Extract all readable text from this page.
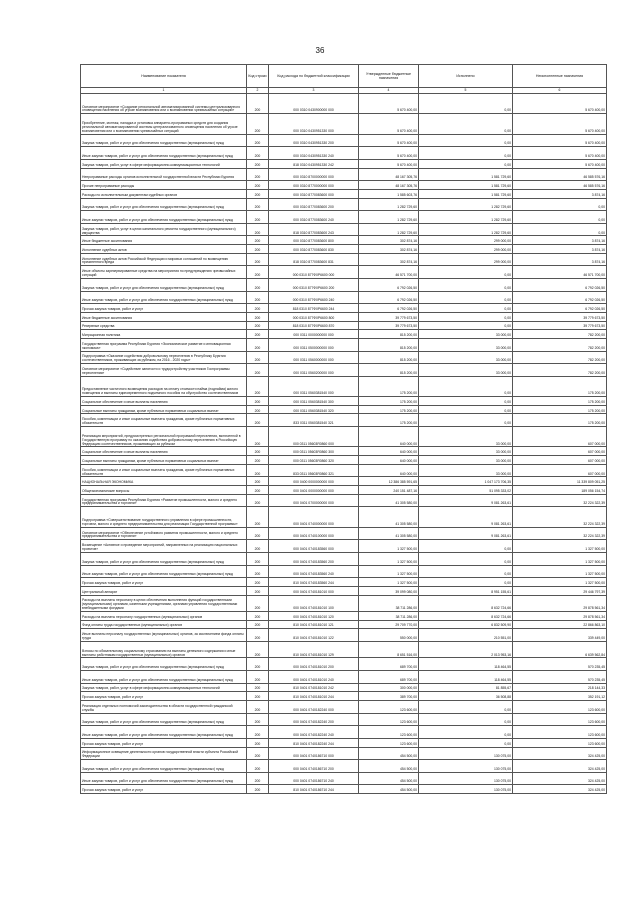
36
Наименование показателя	Код строки	Код расхода по бюджетной классификации	Утвержденные бюджетные назначения	Исполнено	Неисполненные назначения
1	2	3	4	5	6
Основное мероприятие «Создание региональной автоматизированной системы централизованного оповещения населения об угрозе возникновения или о возникновении чрезвычайных ситуаций»	200	000 0310 0430900000 000	5 670 400,00	0,00	5 670 400,00
Приобретение, монтаж, наладка и установка аппаратно-программных средств для создания региональной автоматизированной системы централизованного оповещения населения об угрозе возникновения или о возникновении чрезвычайных ситуаций	200	000 0310 0430951330 000	5 670 400,00	0,00	5 670 400,00
Закупка товаров, работ и услуг для обеспечения государственных (муниципальных) нужд	200	000 0310 0430951330 200	5 670 400,00	0,00	5 670 400,00
Иные закупки товаров, работ и услуг для обеспечения государственных (муниципальных) нужд	200	000 0310 0430951330 240	5 670 400,00	0,00	5 670 400,00
Закупка товаров, работ, услуг в сфере информационно-коммуникационных технологий	200	818 0310 0430951330 242	5 670 400,00	0,00	5 670 400,00
Непрограммные расходы органов исполнительной государственной власти Республики Бурятия	200	000 0310 8700000000 000	48 167 305,76	1 581 729,60	46 585 576,16
Прочие непрограммные расходы	200	000 0310 8770000000 000	48 167 305,76	1 581 729,60	46 585 576,16
Расходы по исполнительным документам судебных органов	200	000 0310 8770083600 000	1 585 603,76	1 581 729,60	3 874,16
Закупка товаров, работ и услуг для обеспечения государственных (муниципальных) нужд	200	000 0310 8770083600 200	1 282 729,60	1 282 729,60	0,00
Иные закупки товаров, работ и услуг для обеспечения государственных (муниципальных) нужд	200	000 0310 8770083600 240	1 282 729,60	1 282 729,60	0,00
Закупка товаров, работ, услуг в целях капитального ремонта государственного (муниципального) имущества	200	818 0310 8770083600 243	1 282 729,60	1 282 729,60	0,00
Иные бюджетные ассигнования	200	000 0310 8770083600 800	302 874,16	299 000,00	3 874,16
Исполнение судебных актов	200	000 0310 8770083600 830	302 874,16	299 000,00	3 874,16
Исполнение судебных актов Российской Федерации и мировых соглашений по возмещению причиненного вреда	200	818 0310 8770083600 831	302 874,16	299 000,00	3 874,16
Иные объекты зарезервированные средства на мероприятия по предупреждению чрезвычайных ситуаций	200	000 0310 877Ф0Р6600 000	46 571 700,00	0,00	46 571 700,00
Закупка товаров, работ и услуг для обеспечения государственных (муниципальных) нужд	200	000 0310 877Ф0Р6600 200	6 792 026,50	0,00	6 792 026,50
Иные закупки товаров, работ и услуг для обеспечения государственных (муниципальных) нужд	200	000 0310 877Ф0Р6600 240	6 792 026,50	0,00	6 792 026,50
Прочая закупка товаров, работ и услуг	200	818 0310 877Ф0Р6600 244	6 792 026,50	0,00	6 792 026,50
Иные бюджетные ассигнования	200	000 0310 877Ф0Р6600 800	39 779 673,50	0,00	39 779 673,50
Резервные средства	200	818 0310 877Ф0Р6600 870	39 779 673,50	0,00	39 779 673,50
Миграционная политика	200	000 0311 0000000000 000	815 200,00	33 000,00	782 200,00
Государственная программа Республики Бурятия «Экономическое развитие и инновационная экономика»	200	000 0311 0500000000 000	815 200,00	33 000,00	782 200,00
Подпрограмма «Оказание содействия добровольному переселению в Республику Бурятия соотечественников, проживающих за рубежом, на 2016 - 2020 годы»	200	000 0311 0560000000 000	815 200,00	33 000,00	782 200,00
Основное мероприятие «Содействие занятости и трудоустройству участников Госпрограммы переселения»	200	000 0311 0560200000 000	815 200,00	33 000,00	782 200,00
Предоставление частичного возмещения расходов на оплату стоимости найма (поднайма) жилого помещения и выплаты единовременного подъемного пособия на обустройство соотечественников	200	000 0311 0560381540 000	175 200,00	0,00	175 200,00
Социальное обеспечение и иные выплаты населению	200	000 0311 0560381540 300	175 200,00	0,00	175 200,00
Социальные выплаты гражданам, кроме публичных нормативных социальных выплат	200	000 0311 0560381540 320	175 200,00	0,00	175 200,00
Пособия, компенсации и иные социальные выплаты гражданам, кроме публичных нормативных обязательств	200	833 0311 0560381540 321	175 200,00	0,00	175 200,00
Реализация мероприятий, предусмотренных региональной программой переселения, включенной в Государственную программу по оказанию содействия добровольному переселению в Российскую Федерацию соотечественников, проживающих за рубежом	200	000 0311 05603R0860 000	640 000,00	33 000,00	607 000,00
Социальное обеспечение и иные выплаты населению	200	000 0311 05603R0860 300	640 000,00	33 000,00	607 000,00
Социальные выплаты гражданам, кроме публичных нормативных социальных выплат	200	000 0311 05603R0860 320	640 000,00	33 000,00	607 000,00
Пособия, компенсации и иные социальные выплаты гражданам, кроме публичных нормативных обязательств	200	833 0311 05603R0860 321	640 000,00	33 000,00	607 000,00
НАЦИОНАЛЬНАЯ ЭКОНОМИКА	200	000 0400 0000000000 000	12 386 385 591,65	1 047 173 706,35	11 339 809 051,25
Общеэкономические вопросы	200	000 0401 0000000000 000	240 151 487,16	51 095 333,02	189 056 154,74
Государственная программа Республики Бурятия «Развитие промышленности, малого и среднего предпринимательства и торговли»	200	000 0401 0700000000 000	41 305 580,00	9 081 263,61	32 224 322,39
Подпрограмма «Совершенствование государственного управления в сфере промышленности, торговли, малого и среднего предпринимательства для реализации Государственной программы»	200	000 0401 0740000000 000	41 305 580,00	9 081 263,61	32 224 322,39
Основное мероприятие «Обеспечение устойчивого развития промышленности, малого и среднего предпринимательства и торговли»	200	000 0401 0740100000 000	41 305 580,00	9 081 263,61	32 224 322,39
Возмещение «Активное и проведение мероприятий, направленных на реализацию национальных проектов»	200	000 0401 0740183560 000	1 327 500,00	0,00	1 327 500,00
Закупка товаров, работ и услуг для обеспечения государственных (муниципальных) нужд	200	000 0401 0740183560 200	1 327 500,00	0,00	1 327 500,00
Иные закупки товаров, работ и услуг для обеспечения государственных (муниципальных) нужд	200	000 0401 0740183560 240	1 327 500,00	0,00	1 327 500,00
Прочая закупка товаров, работ и услуг	200	810 0401 0740183560 244	1 327 500,00	0,00	1 327 500,00
Центральный аппарат	200	000 0401 0740181010 000	39 099 080,00	8 951 155,61	29 446 797,39
Расходы на выплаты персоналу в целях обеспечения выполнения функций государственными (муниципальными) органами, казенными учреждениями, органами управления государственными внебюджетными фондами	200	000 0401 0740181010 100	38 711 286,00	8 632 724,66	29 878 561,34
Расходы на выплаты персоналу государственных (муниципальных) органов	200	000 0401 0740181010 120	38 711 286,00	8 632 724,66	29 878 561,34
Фонд оплаты труда государственных (муниципальных) органов	200	810 0401 0740181010 121	29 709 770,00	6 832 509,90	22 866 863,10
Иные выплаты персоналу государственных (муниципальных) органов, за исключением фонда оплаты труда	200	810 0401 0740181010 122	550 000,00	210 551,00	339 449,00
Взносы по обязательному социальному страхованию на выплаты денежного содержания и иные выплаты работникам государственных (муниципальных) органов	200	810 0401 0740181010 129	8 651 516,00	2 013 953,16	6 639 562,84
Закупка товаров, работ и услуг для обеспечения государственных (муниципальных) нужд	200	000 0401 0740181010 200	689 700,00	118 464,55	570 235,45
Иные закупки товаров, работ и услуг для обеспечения государственных (муниципальных) нужд	200	000 0401 0740181010 240	689 700,00	118 464,55	570 235,45
Закупка товаров, работ, услуг в сфере информационно-коммуникационных технологий	200	810 0401 0740181010 242	300 000,00	81 855,67	218 144,33
Прочая закупка товаров, работ и услуг	200	810 0401 0740181010 244	389 700,00	36 508,88	352 191,12
Реализация отдельных полномочий законодательства в области государственной гражданской службы	200	000 0401 0740182240 000	123 600,00	0,00	123 600,00
Закупка товаров, работ и услуг для обеспечения государственных (муниципальных) нужд	200	000 0401 0740182240 200	123 600,00	0,00	123 600,00
Иные закупки товаров, работ и услуг для обеспечения государственных (муниципальных) нужд	200	000 0401 0740182240 240	123 600,00	0,00	123 600,00
Прочая закупка товаров, работ и услуг	200	810 0401 0740182240 244	123 600,00	0,00	123 600,00
Информационное освещение деятельности органов государственной власти субъекта Российской Федерации	200	000 0401 0740186710 000	454 500,00	130 075,00	324 425,00
Закупка товаров, работ и услуг для обеспечения государственных (муниципальных) нужд	200	000 0401 0740186710 200	454 500,00	130 075,00	324 425,00
Иные закупки товаров, работ и услуг для обеспечения государственных (муниципальных) нужд	200	000 0401 0740186710 240	454 500,00	130 075,00	324 425,00
Прочая закупка товаров, работ и услуг	200	810 0401 0740186710 244	454 500,00	130 075,00	324 425,00
